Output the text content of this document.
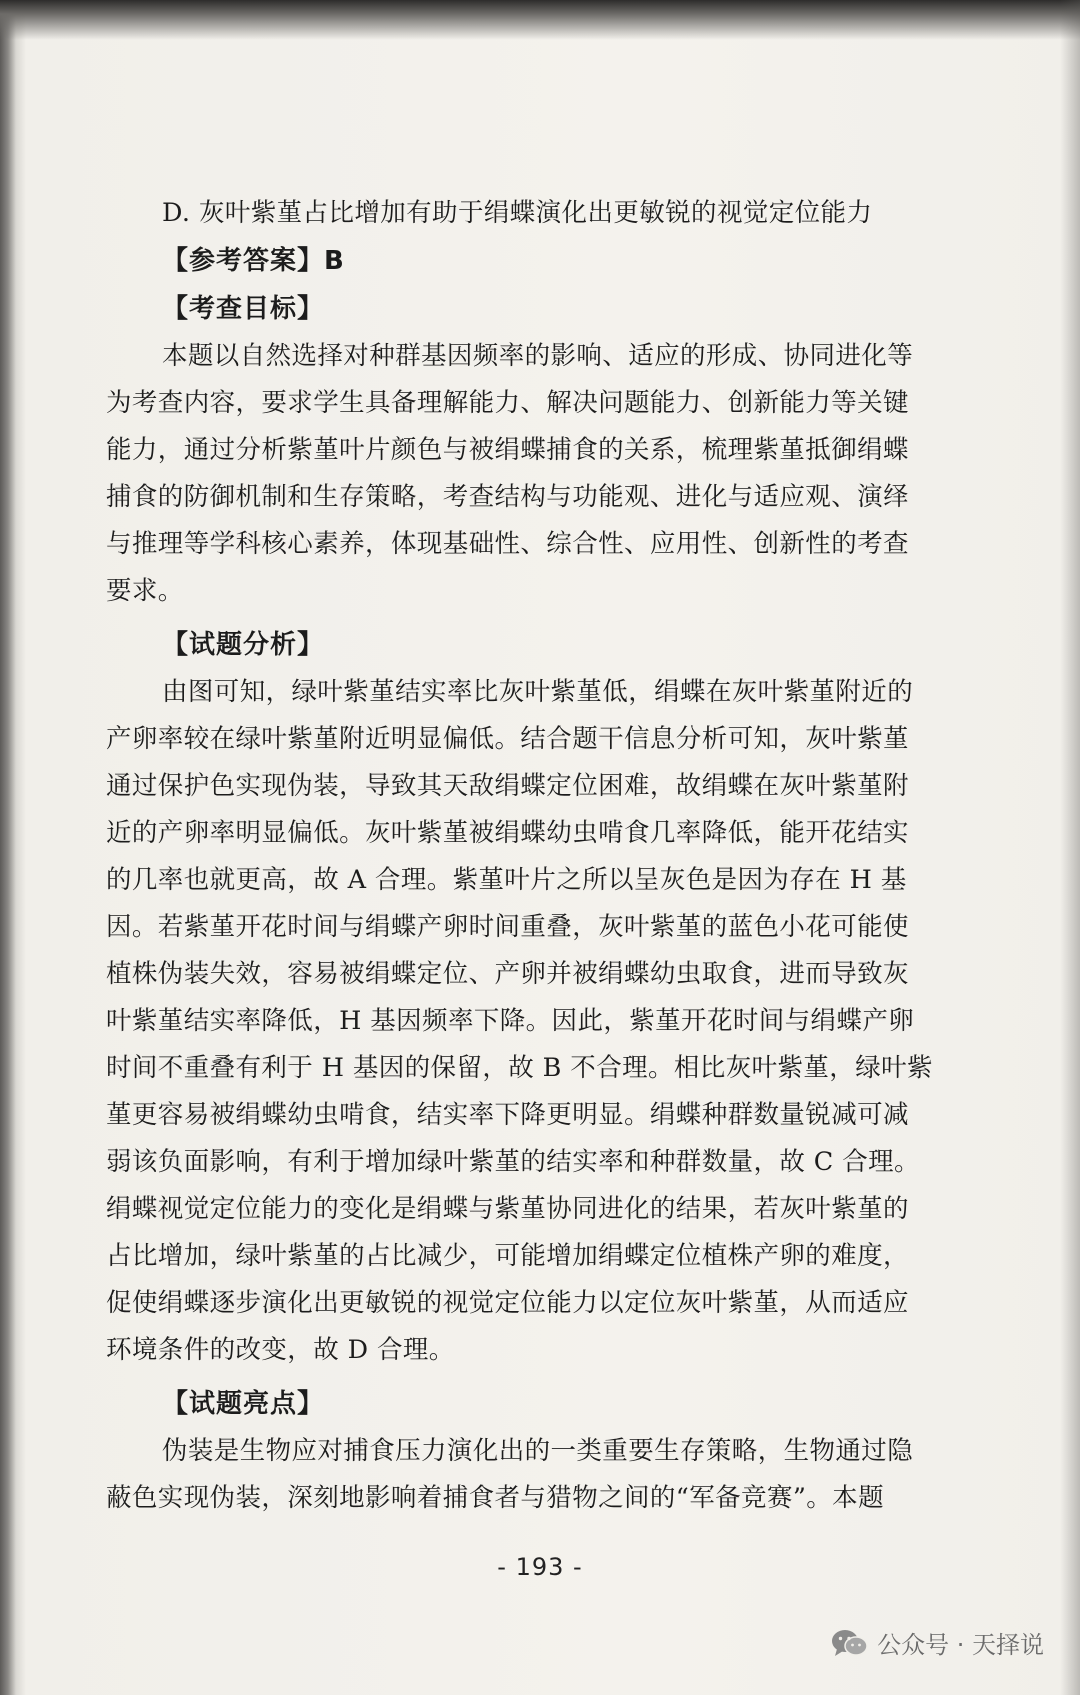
D. 灰叶紫堇占比增加有助于绢蝶演化出更敏锐的视觉定位能力
【参考答案】B
【考查目标】
本题以自然选择对种群基因频率的影响、适应的形成、协同进化等
为考查内容，要求学生具备理解能力、解决问题能力、创新能力等关键
能力，通过分析紫堇叶片颜色与被绢蝶捕食的关系，梳理紫堇抵御绢蝶
捕食的防御机制和生存策略，考查结构与功能观、进化与适应观、演绎
与推理等学科核心素养，体现基础性、综合性、应用性、创新性的考查
要求。
【试题分析】
由图可知，绿叶紫堇结实率比灰叶紫堇低，绢蝶在灰叶紫堇附近的
产卵率较在绿叶紫堇附近明显偏低。结合题干信息分析可知，灰叶紫堇
通过保护色实现伪装，导致其天敌绢蝶定位困难，故绢蝶在灰叶紫堇附
近的产卵率明显偏低。灰叶紫堇被绢蝶幼虫啃食几率降低，能开花结实
的几率也就更高，故 A 合理。紫堇叶片之所以呈灰色是因为存在 H 基
因。若紫堇开花时间与绢蝶产卵时间重叠，灰叶紫堇的蓝色小花可能使
植株伪装失效，容易被绢蝶定位、产卵并被绢蝶幼虫取食，进而导致灰
叶紫堇结实率降低，H 基因频率下降。因此，紫堇开花时间与绢蝶产卵
时间不重叠有利于 H 基因的保留，故 B 不合理。相比灰叶紫堇，绿叶紫
堇更容易被绢蝶幼虫啃食，结实率下降更明显。绢蝶种群数量锐减可减
弱该负面影响，有利于增加绿叶紫堇的结实率和种群数量，故 C 合理。
绢蝶视觉定位能力的变化是绢蝶与紫堇协同进化的结果，若灰叶紫堇的
占比增加，绿叶紫堇的占比减少，可能增加绢蝶定位植株产卵的难度，
促使绢蝶逐步演化出更敏锐的视觉定位能力以定位灰叶紫堇，从而适应
环境条件的改变，故 D 合理。
【试题亮点】
伪装是生物应对捕食压力演化出的一类重要生存策略，生物通过隐
蔽色实现伪装，深刻地影响着捕食者与猎物之间的“军备竞赛”。本题
- 193 -
公众号 · 天择说
